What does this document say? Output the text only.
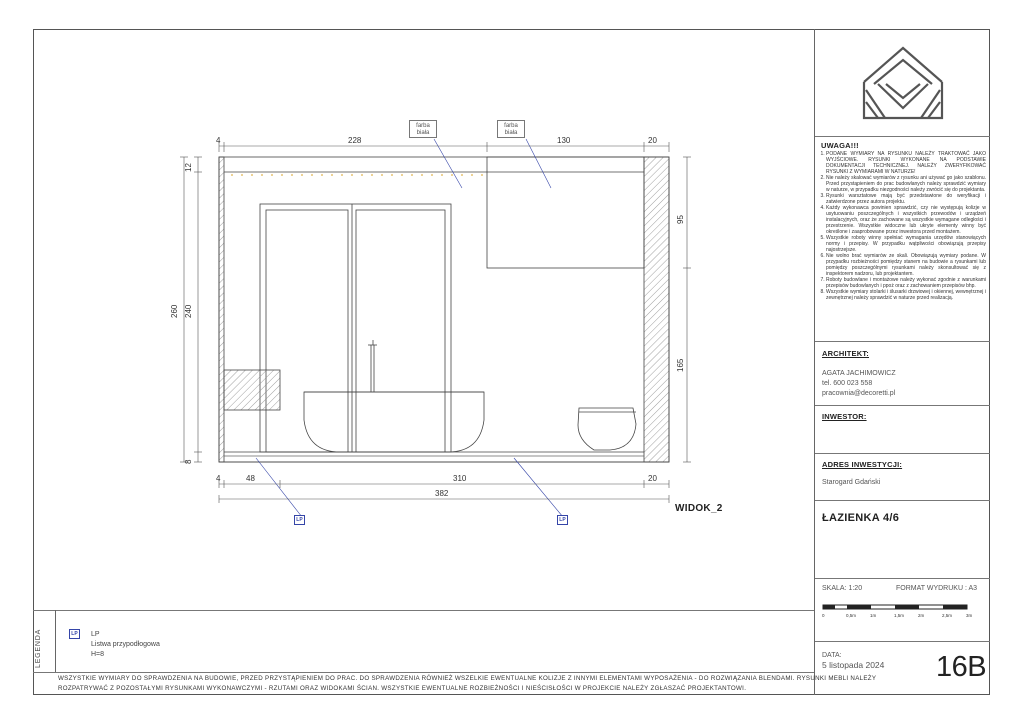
UWAGA!!!
1. PODANE WYMIARY NA RYSUNKU NALEŻY TRAKTOWAĆ JAKO WYJŚCIOWE. RYSUNKI WYKONANE NA PODSTAWIE DOKUMENTACJI TECHNICZNEJ. NALEŻY ZWERYFIKOWAĆ RYSUNKI Z WYMIARAMI W NATURZE!
2. Nie należy skalować wymiarów z rysunku ani używać go jako szablonu. Przed przystąpieniem do prac budowlanych należy sprawdzić wymiary w naturze, w przypadku niezgodności należy zwrócić się do projektanta.
3. Rysunki warsztatowe mają być przedstawione do weryfikacji i zatwierdzone przez autora projektu.
4. Każdy wykonawca powinien sprawdzić, czy nie występują kolizje w usytuowaniu poszczególnych i wszystkich przewodów i urządzeń instalacyjnych, oraz że zachowane są wszystkie wymagane odległości i przestrzenie. Wszystkie widoczne lub ukryte elementy winny być określone i zaaprobowane przez inwestora przed montażem.
5. Wszystkie roboty winny spełniać wymagania urzędów stanowiących normy i przepisy. W przypadku wątpliwości obowiązują przepisy najostrzejsze.
6. Nie wolno brać wymiarów ze skali. Obowiązują wymiary podane. W przypadku rozbieżności pomiędzy stanem na budowie a rysunkami lub pomiędzy poszczególnymi rysunkami należy skonsultować się z inspektorem nadzoru, lub projektantem.
7. Roboty budowlane i montażowe należy wykonać zgodnie z warunkami przepisów budowlanych i ppoż oraz z zachowaniem przepisów bhp.
8. Wszystkie wymiary stolarki i ślusarki drzwiowej i okiennej, wewnętrznej i zewnętrznej należy sprawdzić w naturze przed realizacją.
ARCHITEKT:
AGATA JACHIMOWICZ
tel. 600 023 558
pracownia@decoretti.pl
INWESTOR:
ADRES INWESTYCJI:
Starogard Gdański
ŁAZIENKA 4/6
SKALA: 1:20	FORMAT WYDRUKU : A3
0	0,5m	1m	1,5m	2m	2,5m	3m
DATA:
5 listopada 2024 16B
LEGENDA	LP	LP
Listwa przypodłogowa
H=8
WSZYSTKIE WYMIARY DO SPRAWDZENIA NA BUDOWIE, PRZED PRZYSTĄPIENIEM DO PRAC. DO SPRAWDZENIA RÓWNIEŻ WSZELKIE EWENTUALNE KOLIZJE Z INNYMI ELEMENTAMI WYPOSAŻENIA - DO ROZWIĄZANIA BLENDAMI. RYSUNKI MEBLI NALEŻY
ROZPATRYWAĆ Z POZOSTAŁYMI RYSUNKAMI WYKONAWCZYMI - RZUTAMI ORAZ WIDOKAMI ŚCIAN. WSZYSTKIE EWENTUALNE ROZBIEŻNOŚCI I NIEŚCISŁOŚCI W PROJEKCIE NALEŻY ZGŁASZAĆ PROJEKTANTOWI.
4	228	130	20
4	48	310	20
382
12
260 240
8
95
165
farba
biała
farba
biała
LP	LP
WIDOK_2
